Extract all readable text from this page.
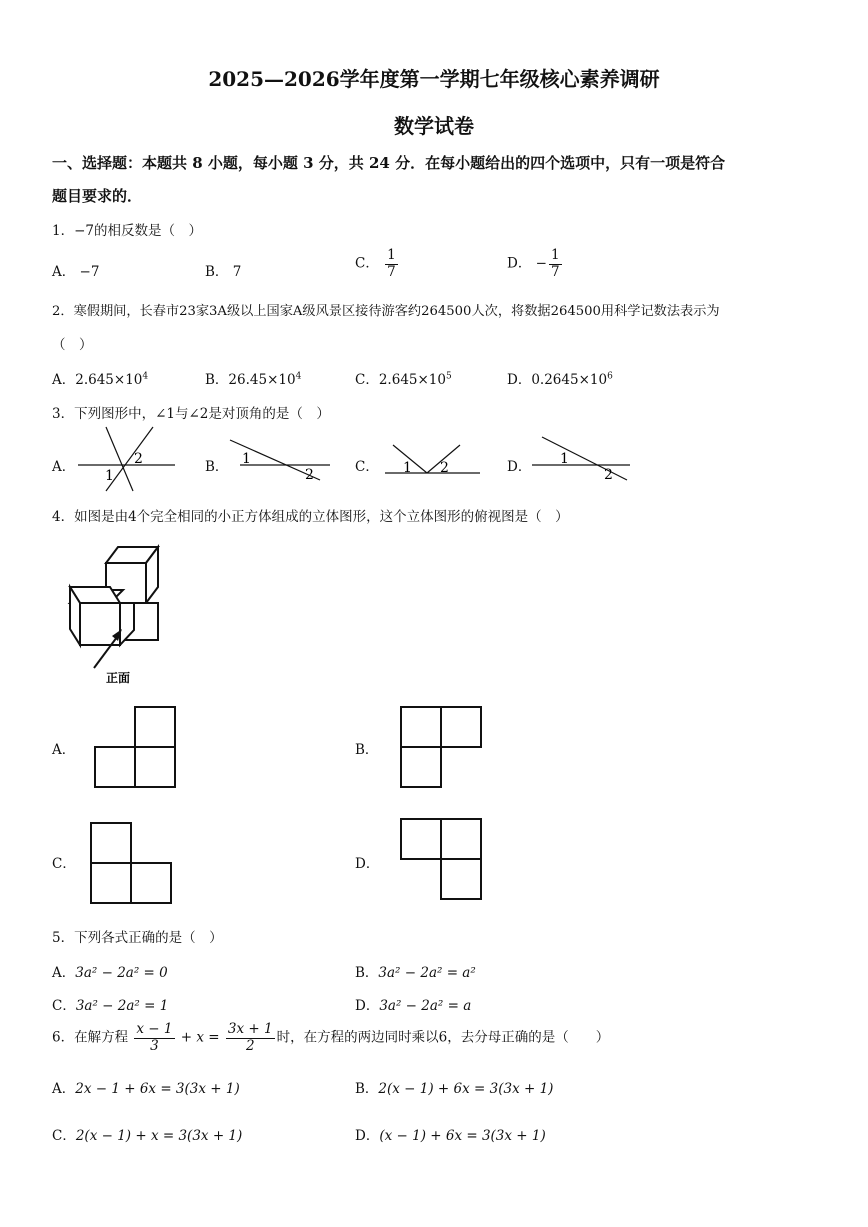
2025—2026学年度第一学期七年级核心素养调研
数学试卷
一、选择题：本题共 8 小题，每小题 3 分，共 24 分．在每小题给出的四个选项中，只有一项是符合
题目要求的．
1．−7的相反数是（　）
A． −7	B． 7
C． $\frac{1}{7}$	D． − $\frac{1}{7}$
2．寒假期间，长春市23家3A级以上国家A级风景区接待游客约264500人次，将数据264500用科学记数法表示为
（　）
A．$2.645\times 10^4$	B．$26.45\times 10^4$	C．$2.645\times 10^5$	D．$0.2645\times 10^6$
3．下列图形中，∠1与∠2是对顶角的是（　）
A．	2
1
B． 1
2	C． 1 2	D． 1
2
4．如图是由4个完全相同的小正方体组成的立体图形，这个立体图形的俯视图是（　）
正面
A．	B．
C．	D．
5．下列各式正确的是（　）
A．3a² − 2a² = 0	B．3a² − 2a² = a²
C．3a² − 2a² = 1	D．3a² − 2a² = a
6．在解方程 $\frac{x - 1}{3} + x = \frac{3x + 1}{2}$ 时，在方程的两边同时乘以6，去分母正确的是（　　）
A．2x − 1 + 6x = 3(3x + 1)	B．2(x − 1) + 6x = 3(3x + 1)
C．2(x − 1) + x = 3(3x + 1)	D．(x − 1) + 6x = 3(3x + 1)
